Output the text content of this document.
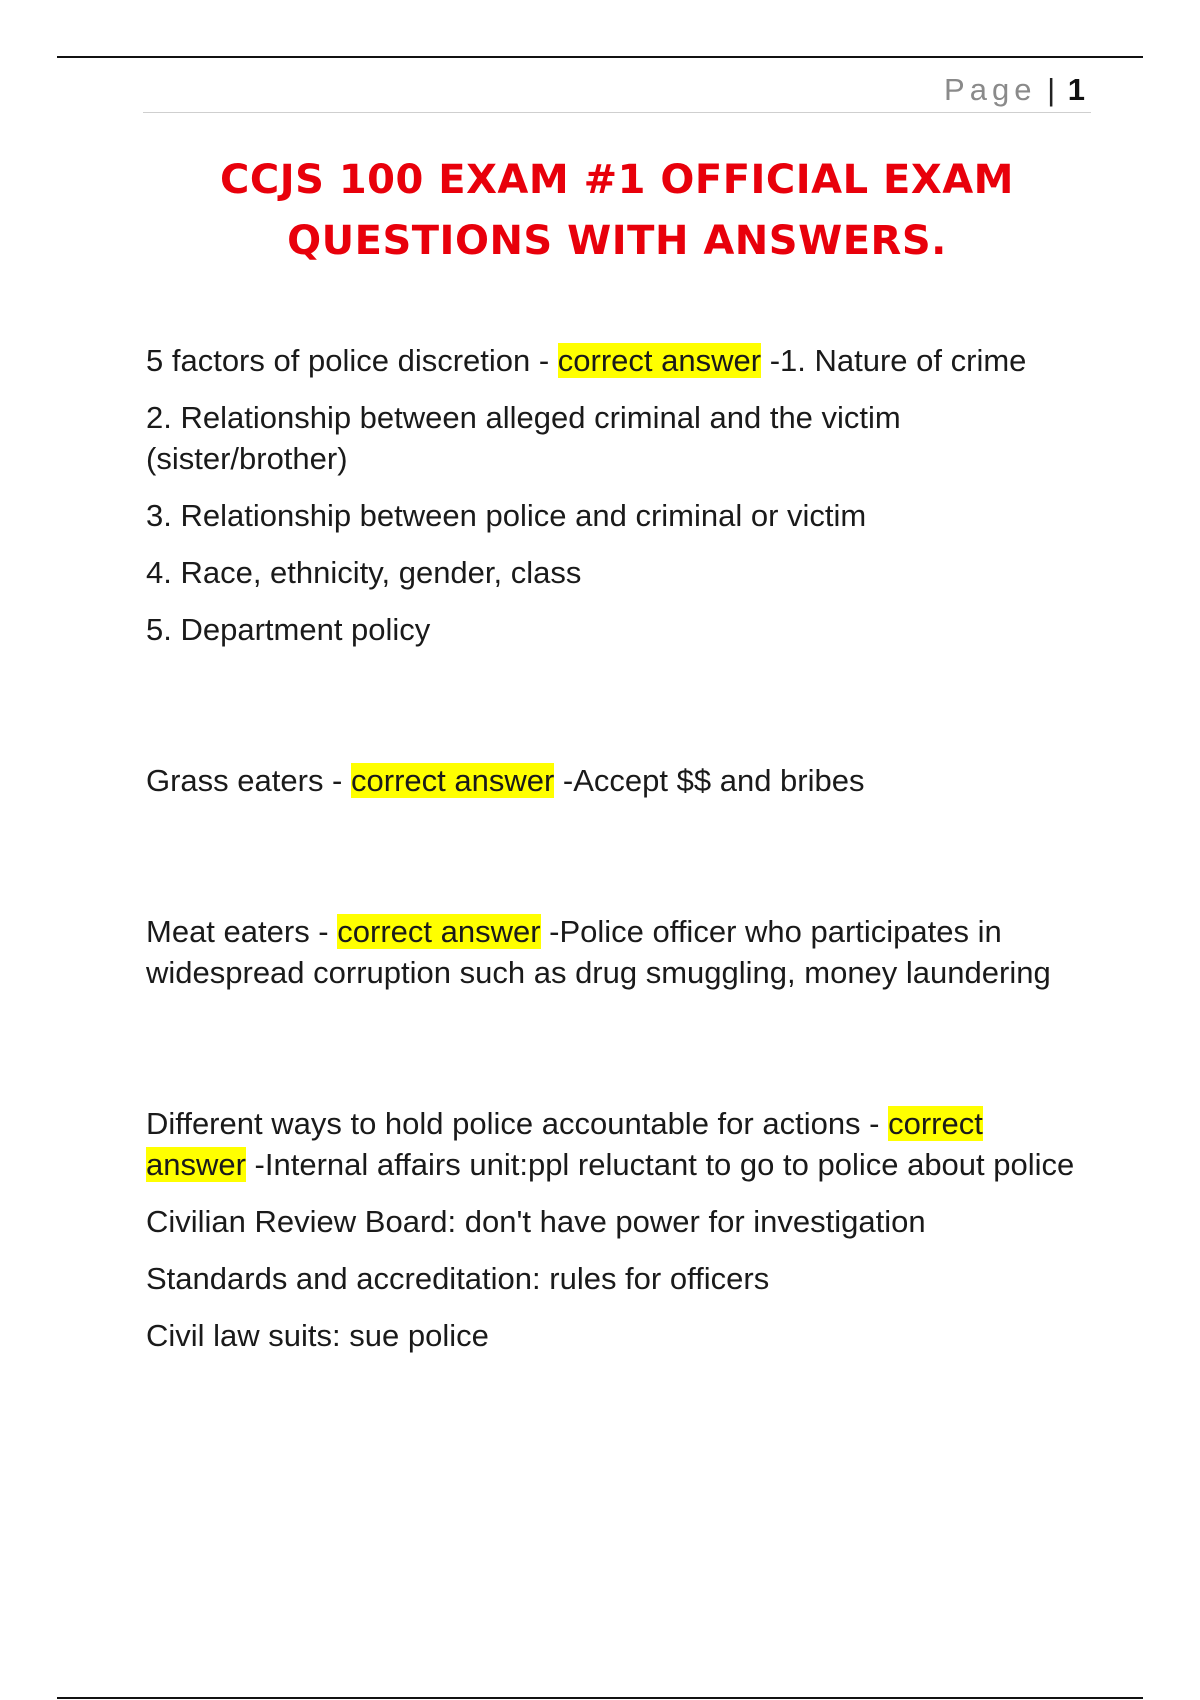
Page | 1
CCJS 100 EXAM #1 OFFICIAL EXAM
QUESTIONS WITH ANSWERS.

5 factors of police discretion - correct answer -1. Nature of crime

2. Relationship between alleged criminal and the victim (sister/brother)

3. Relationship between police and criminal or victim

4. Race, ethnicity, gender, class

5. Department policy

Grass eaters - correct answer -Accept $$ and bribes

Meat eaters - correct answer -Police officer who participates in widespread corruption such as drug smuggling, money laundering

Different ways to hold police accountable for actions - correct
answer -Internal affairs unit:ppl reluctant to go to police about police

Civilian Review Board: don't have power for investigation

Standards and accreditation: rules for officers

Civil law suits: sue police
